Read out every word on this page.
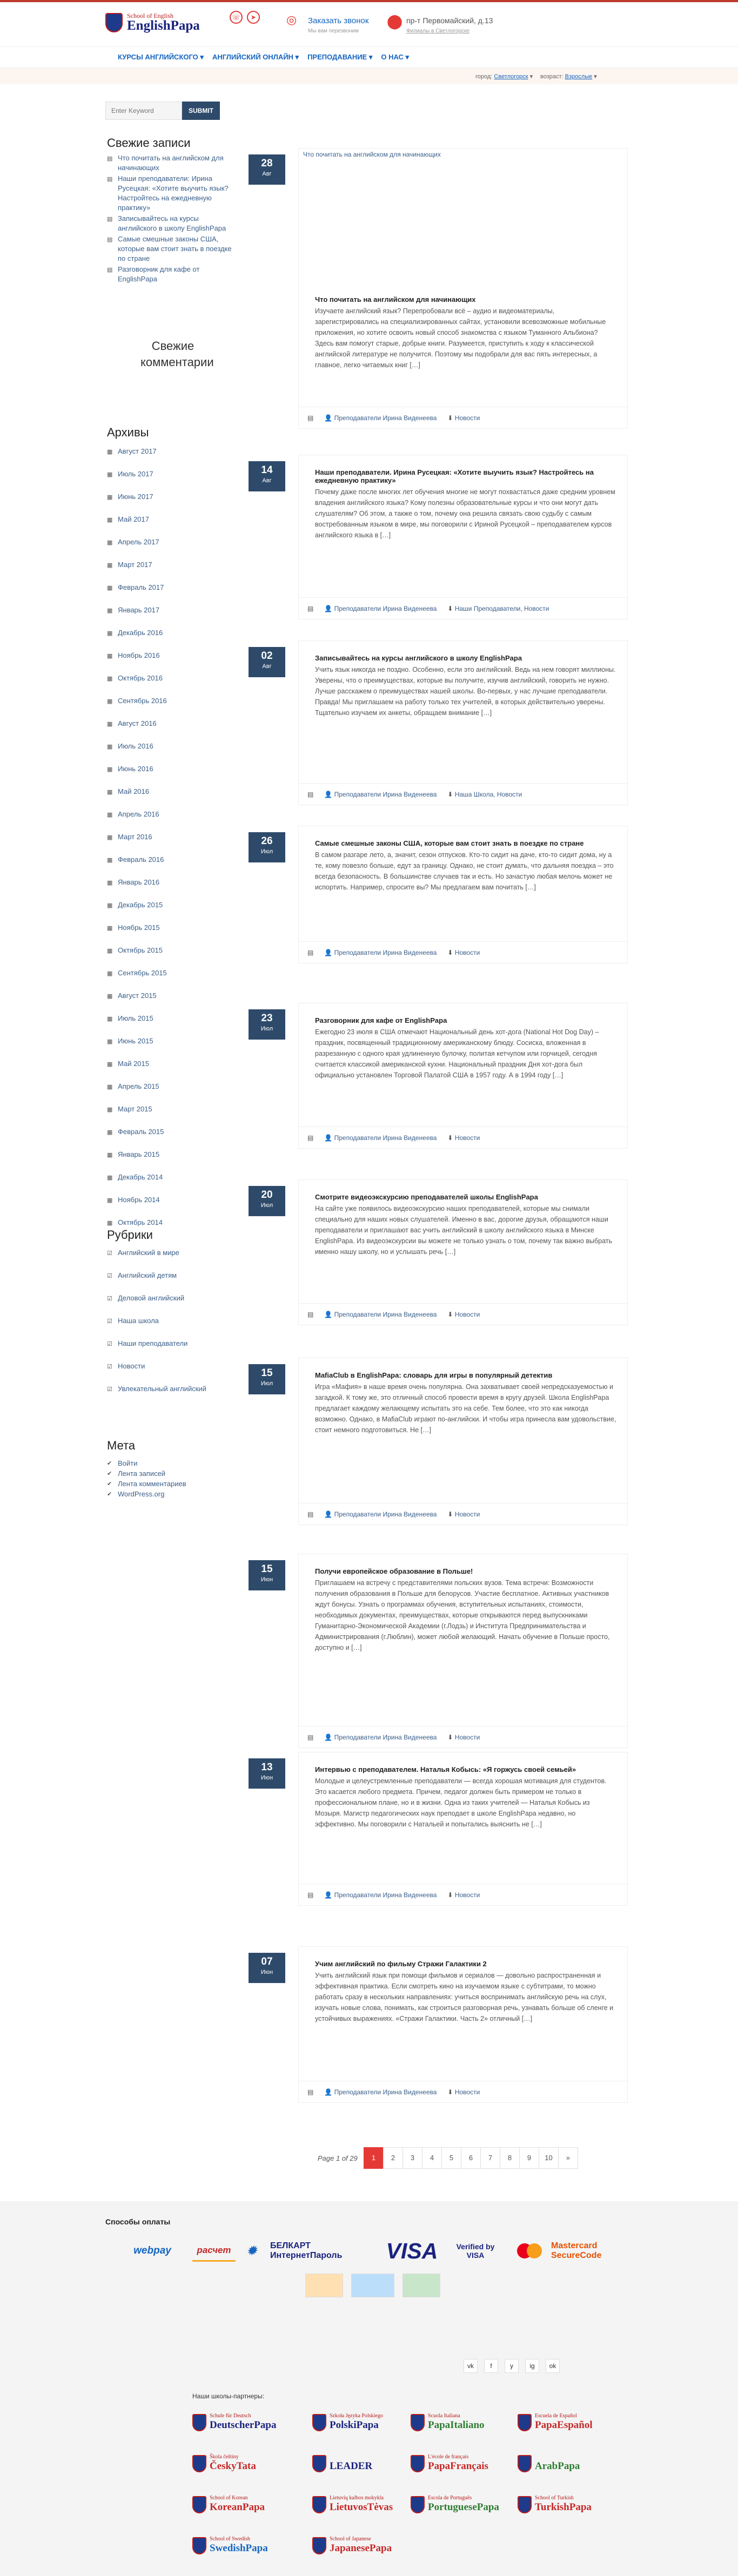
School of English
EnglishPapa
☏	➤	◎ Заказать звонок
Мы вам перезвоним
⬤ пр-т Первомайский, д.13
Филиалы в Светлогорске
КУРСЫ АНГЛИЙСКОГО ▾	АНГЛИЙСКИЙ ОНЛАЙН ▾	ПРЕПОДАВАНИЕ ▾	О НАС ▾
город: Светлогорск ▾ возраст: Взрослые ▾
Enter Keyword
SUBMIT
Свежие записи
▤ Что почитать на английском для начинающих
▤ Наши преподаватели: Ирина Русецкая: «Хотите выучить язык? Настройтесь на ежедневную практику»
▤ Записывайтесь на курсы английского в школу EnglishPapa
▤ Самые смешные законы США, которые вам стоит знать в поездке по стране
▤ Разговорник для кафе от EnglishPapa
Свежие комментарии
Архивы
▦ Август 2017
▦ Июль 2017
▦ Июнь 2017
▦ Май 2017
▦ Апрель 2017
▦ Март 2017
▦ Февраль 2017
▦ Январь 2017
▦ Декабрь 2016
▦ Ноябрь 2016
▦ Октябрь 2016
▦ Сентябрь 2016
▦ Август 2016
▦ Июль 2016
▦ Июнь 2016
▦ Май 2016
▦ Апрель 2016
▦ Март 2016
▦ Февраль 2016
▦ Январь 2016
▦ Декабрь 2015
▦ Ноябрь 2015
▦ Октябрь 2015
▦ Сентябрь 2015
▦ Август 2015
▦ Июль 2015
▦ Июнь 2015
▦ Май 2015
▦ Апрель 2015
▦ Март 2015
▦ Февраль 2015
▦ Январь 2015
▦ Декабрь 2014
▦ Ноябрь 2014
▦ Октябрь 2014
Рубрики
☑ Английский в мире
☑ Английский детям
☑ Деловой английский
☑ Наша школа
☑ Наши преподаватели
☑ Новости
☑ Увлекательный английский
Мета
✔ Войти
✔ Лента записей
✔ Лента комментариев
✔ WordPress.org
28
Авг
Что почитать на английском для начинающих
Что почитать на английском для начинающих
Изучаете английский язык? Перепробовали всё – аудио и видеоматериалы, зарегистрировались на специализированных сайтах, установили всевозможные мобильные приложения, но хотите освоить новый способ знакомства с языком Туманного Альбиона? Здесь вам помогут старые, добрые книги. Разумеется, приступить к ходу к классической английской литературе не получится. Поэтому мы подобрали для вас пять интересных, а главное, легко читаемых книг […]
▤ 👤 Преподаватели Ирина Виденеева ⬇ Новости
14
Авг
Наши преподаватели. Ирина Русецкая: «Хотите выучить язык? Настройтесь на ежедневную практику»
Почему даже после многих лет обучения многие не могут похвастаться даже средним уровнем владения английского языка? Кому полезны образовательные курсы и что они могут дать слушателям? Об этом, а также о том, почему она решила связать свою судьбу с самым востребованным языком в мире, мы поговорили с Ириной Русецкой – преподавателем курсов английского языка в […]
▤ 👤 Преподаватели Ирина Виденеева ⬇ Наши Преподаватели, Новости
02
Авг
Записывайтесь на курсы английского в школу EnglishPapa
Учить язык никогда не поздно. Особенно, если это английский. Ведь на нем говорят миллионы. Уверены, что о преимуществах, которые вы получите, изучив английский, говорить не нужно. Лучше расскажем о преимуществах нашей школы. Во-первых, у нас лучшие преподаватели. Правда! Мы приглашаем на работу только тех учителей, в которых действительно уверены. Тщательно изучаем их анкеты, обращаем внимание […]
▤ 👤 Преподаватели Ирина Виденеева ⬇ Наша Школа, Новости
26
Июл
Самые смешные законы США, которые вам стоит знать в поездке по стране
В самом разгаре лето, а, значит, сезон отпусков. Кто-то сидит на даче, кто-то сидит дома, ну а те, кому повезло больше, едут за границу. Однако, не стоит думать, что дальняя поездка – это всегда безопасность. В большинстве случаев так и есть. Но зачастую любая мелочь может не испортить. Например, спросите вы? Мы предлагаем вам почитать […]
▤ 👤 Преподаватели Ирина Виденеева ⬇ Новости
23
Июл
Разговорник для кафе от EnglishPapa
Ежегодно 23 июля в США отмечают Национальный день хот-дога (National Hot Dog Day) – праздник, посвященный традиционному американскому блюду. Сосиска, вложенная в разрезанную с одного края удлиненную булочку, политая кетчупом или горчицей, сегодня считается классикой американской кухни. Национальный праздник Дня хот-дога был официально установлен Торговой Палатой США в 1957 году. А в 1994 году […]
▤ 👤 Преподаватели Ирина Виденеева ⬇ Новости
20
Июл
Смотрите видеоэкскурсию преподавателей школы EnglishPapa
На сайте уже появилось видеоэкскурсию наших преподавателей, которые мы снимали специально для наших новых слушателей. Именно в вас, дорогие друзья, обращаются наши преподаватели и приглашают вас учить английский в школу английского языка в Минске EnglishPapa. Из видеоэкскурсии вы можете не только узнать о том, почему так важно выбрать именно нашу школу, но и услышать речь […]
▤ 👤 Преподаватели Ирина Виденеева ⬇ Новости
15
Июл
MafiaClub в EnglishPapa: словарь для игры в популярный детектив
Игра «Мафия» в наше время очень популярна. Она захватывает своей непредсказуемостью и загадкой. К тому же, это отличный способ провести время в кругу друзей. Школа EnglishPapa предлагает каждому желающему испытать это на себе. Тем более, что это как никогда возможно. Однако, в MafiaClub играют по-английски. И чтобы игра принесла вам удовольствие, стоит немного подготовиться. Не […]
▤ 👤 Преподаватели Ирина Виденеева ⬇ Новости
15
Июн
Получи европейское образование в Польше!
Приглашаем на встречу с представителями польских вузов. Тема встречи: Возможности получения образования в Польше для белорусов. Участие бесплатное. Активных участников ждут бонусы. Узнать о программах обучения, вступительных испытаниях, стоимости, необходимых документах, преимуществах, которые открываются перед выпускниками Гуманитарно-Экономической Академии (г.Лодзь) и Института Предпринимательства и Администрирования (г.Люблин), может любой желающий. Начать обучение в Польше просто, доступно и […]
▤ 👤 Преподаватели Ирина Виденеева ⬇ Новости
13
Июн
Интервью с преподавателем. Наталья Кобысь: «Я горжусь своей семьей»
Молодые и целеустремленные преподаватели — всегда хорошая мотивация для студентов. Это касается любого предмета. Причем, педагог должен быть примером не только в профессиональном плане, но и в жизни. Одна из таких учителей — Наталья Кобысь из Мозыря. Магистр педагогических наук преподает в школе EnglishPapa недавно, но эффективно. Мы поговорили с Натальей и попытались выяснить не […]
▤ 👤 Преподаватели Ирина Виденеева ⬇ Новости
07
Июн
Учим английский по фильму Стражи Галактики 2
Учить английский язык при помощи фильмов и сериалов — довольно распространенная и эффективная практика. Если смотреть кино на изучаемом языке с субтитрами, то можно работать сразу в нескольких направлениях: учиться воспринимать английскую речь на слух, изучать новые слова, понимать, как строиться разговорная речь, узнавать больше об сленге и устойчивых выражениях. «Стражи Галактики. Часть 2» отличный […]
▤ 👤 Преподаватели Ирина Виденеева ⬇ Новости
Page 1 of 29	1	2	3	4	5	6	7	8	9	10	»
Способы оплаты
webpay	расчет	✹	БЕЛКАРТ ИнтернетПароль	VISA	Verified by VISA
Mastercard SecureCode
vk	f	y	ig	ok
Наши школы-партнеры:
Schule für Deutsch
DeutscherPapa
Szkoła Języka Polskiego
PolskiPapa
Scuola Italiana
PapaItaliano
Escuela de Español
PapaEspañol
Škola češtiny
ČeskyTata	LEADER
L'école de français
PapaFrançais	ArabPapa
School of Korean
KoreanPapa
Lietuvių kalbos mokykla
LietuvosTėvas
Escola de Português
PortuguesePapa
School of Turkish
TurkishPapa
School of Swedish
SwedishPapa
School of Japanese
JapanesePapa
